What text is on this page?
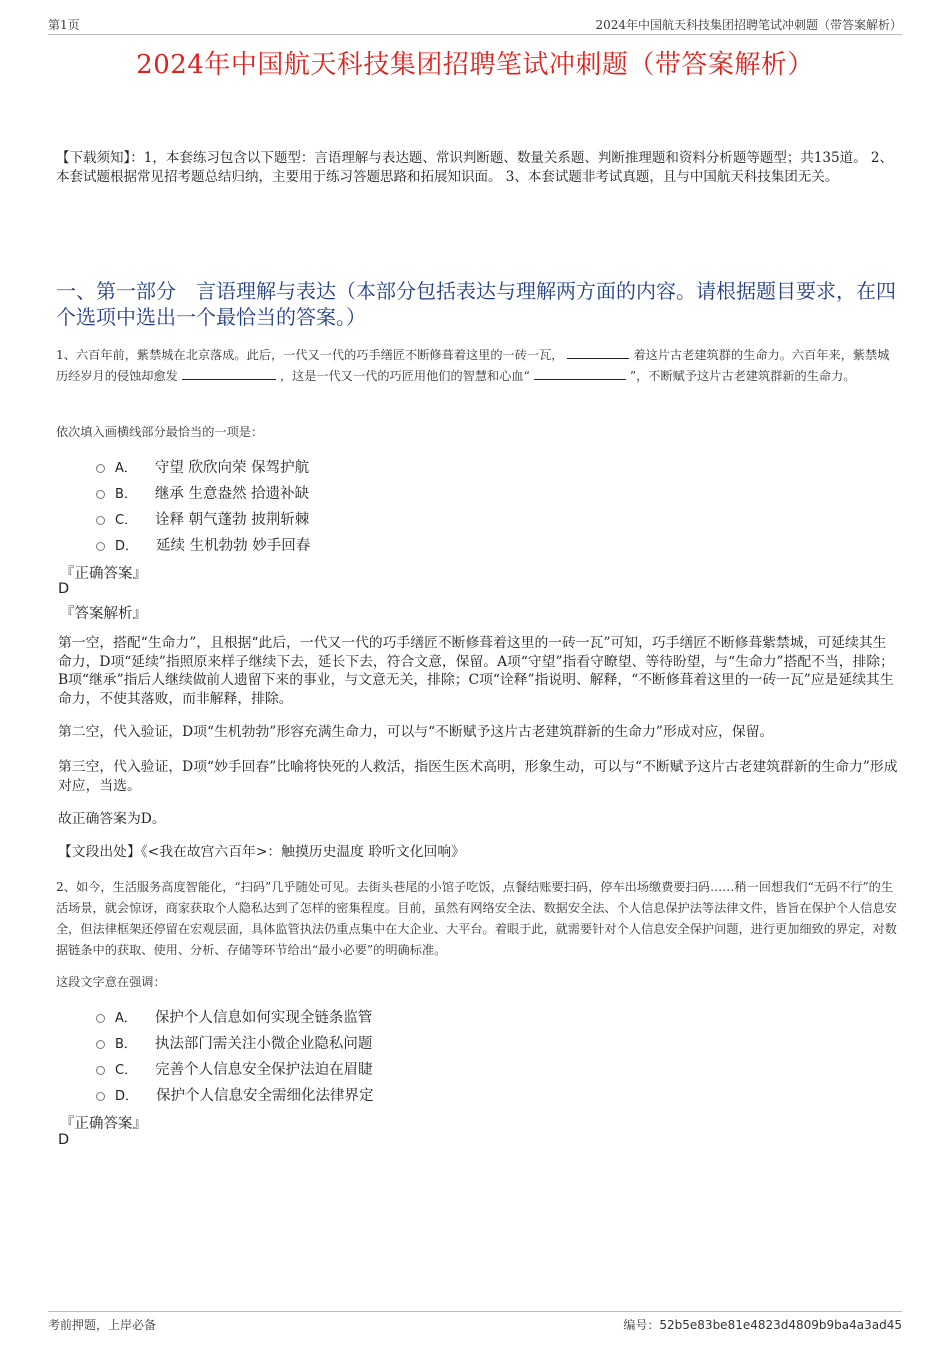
第1页	2024年中国航天科技集团招聘笔试冲刺题（带答案解析）
2024年中国航天科技集团招聘笔试冲刺题（带答案解析）
【下载须知】：1，本套练习包含以下题型：言语理解与表达题、常识判断题、数量关系题、判断推理题和资料分析题等题型；共135道。 2、本套试题根据常见招考题总结归纳，主要用于练习答题思路和拓展知识面。 3、本套试题非考试真题，且与中国航天科技集团无关。
一、第一部分　言语理解与表达（本部分包括表达与理解两方面的内容。请根据题目要求，在四个选项中选出一个最恰当的答案。）
1、六百年前，紫禁城在北京落成。此后，一代又一代的巧手缮匠不断修葺着这里的一砖一瓦，	着这片古老建筑群的生命力。六百年来，紫禁城历经岁月的侵蚀却愈发	，这是一代又一代的巧匠用他们的智慧和心血“	”，不断赋予这片古老建筑群新的生命力。
依次填入画横线部分最恰当的一项是：
A． 守望 欣欣向荣 保驾护航
B． 继承 生意盎然 拾遗补缺
C． 诠释 朝气蓬勃 披荆斩棘
D． 延续 生机勃勃 妙手回春
『正确答案』
D
『答案解析』
第一空，搭配“生命力”，且根据“此后，一代又一代的巧手缮匠不断修葺着这里的一砖一瓦”可知，巧手缮匠不断修葺紫禁城，可延续其生命力，D项“延续”指照原来样子继续下去，延长下去，符合文意，保留。A项“守望”指看守瞭望、等待盼望，与“生命力”搭配不当，排除；B项“继承”指后人继续做前人遗留下来的事业，与文意无关，排除；C项“诠释”指说明、解释，“不断修葺着这里的一砖一瓦”应是延续其生命力，不使其落败，而非解释，排除。
第二空，代入验证，D项“生机勃勃”形容充满生命力，可以与“不断赋予这片古老建筑群新的生命力”形成对应，保留。
第三空，代入验证，D项“妙手回春”比喻将快死的人救活，指医生医术高明，形象生动，可以与“不断赋予这片古老建筑群新的生命力”形成对应，当选。
故正确答案为D。
【文段出处】《<我在故宫六百年>：触摸历史温度 聆听文化回响》
2、如今，生活服务高度智能化，“扫码”几乎随处可见。去街头巷尾的小馆子吃饭，点餐结账要扫码，停车出场缴费要扫码……稍一回想我们“无码不行”的生活场景，就会惊讶，商家获取个人隐私达到了怎样的密集程度。目前，虽然有网络安全法、数据安全法、个人信息保护法等法律文件，皆旨在保护个人信息安全，但法律框架还停留在宏观层面，具体监管执法仍重点集中在大企业、大平台。着眼于此，就需要针对个人信息安全保护问题，进行更加细致的界定，对数据链条中的获取、使用、分析、存储等环节给出“最小必要”的明确标准。
这段文字意在强调：
A． 保护个人信息如何实现全链条监管
B． 执法部门需关注小微企业隐私问题
C． 完善个人信息安全保护法迫在眉睫
D． 保护个人信息安全需细化法律界定
『正确答案』
D
考前押题，上岸必备	编号：52b5e83be81e4823d4809b9ba4a3ad45
